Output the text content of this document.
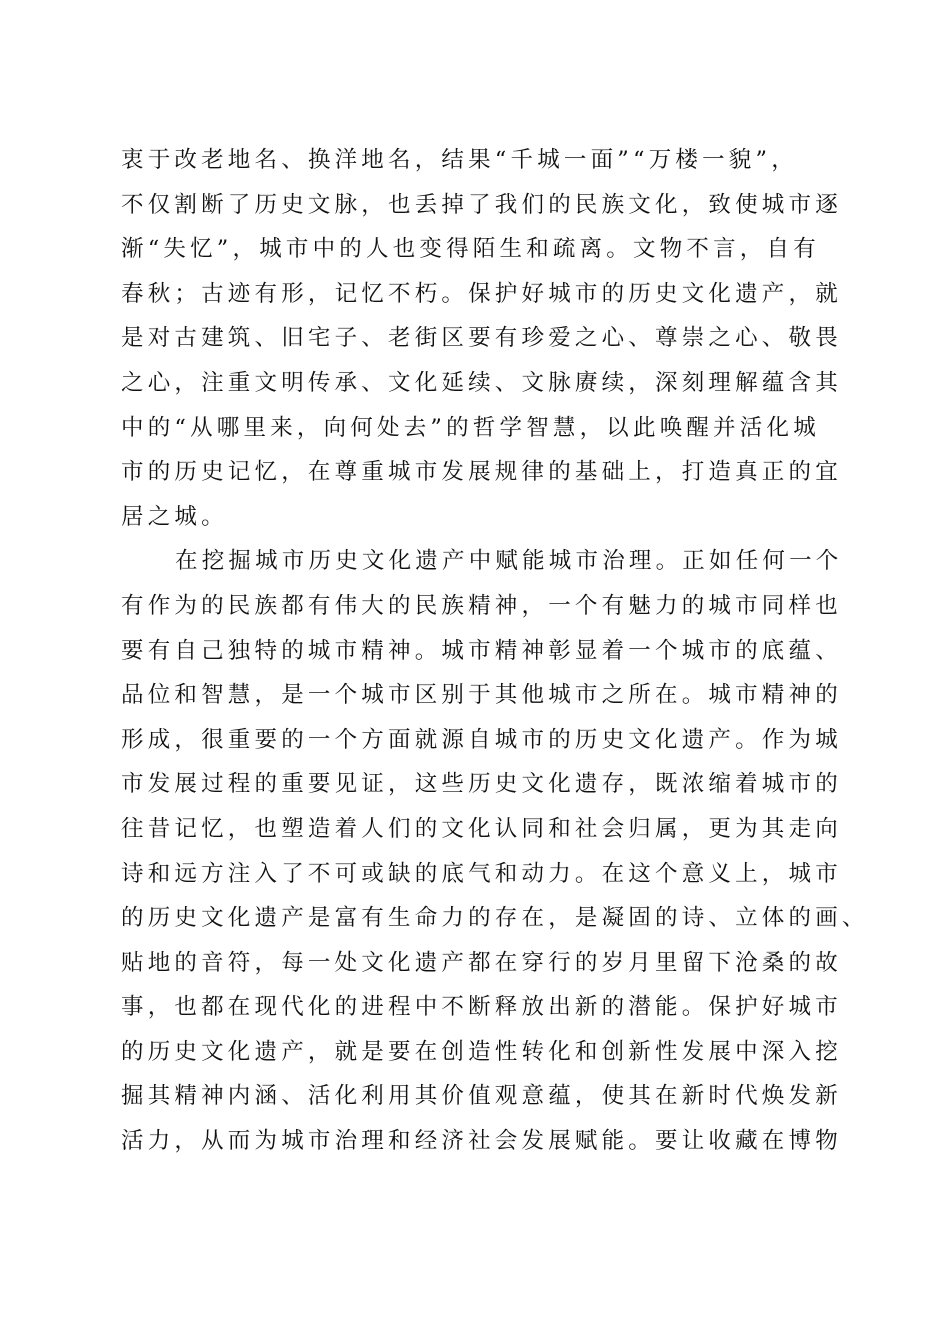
衷于改老地名、换洋地名，结果“千城一面”“万楼一貌”，
不仅割断了历史文脉，也丢掉了我们的民族文化，致使城市逐
渐“失忆”，城市中的人也变得陌生和疏离。文物不言，自有
春秋；古迹有形，记忆不朽。保护好城市的历史文化遗产，就
是对古建筑、旧宅子、老街区要有珍爱之心、尊崇之心、敬畏
之心，注重文明传承、文化延续、文脉赓续，深刻理解蕴含其
中的“从哪里来，向何处去”的哲学智慧，以此唤醒并活化城
市的历史记忆，在尊重城市发展规律的基础上，打造真正的宜
居之城。
在挖掘城市历史文化遗产中赋能城市治理。正如任何一个
有作为的民族都有伟大的民族精神，一个有魅力的城市同样也
要有自己独特的城市精神。城市精神彰显着一个城市的底蕴、
品位和智慧，是一个城市区别于其他城市之所在。城市精神的
形成，很重要的一个方面就源自城市的历史文化遗产。作为城
市发展过程的重要见证，这些历史文化遗存，既浓缩着城市的
往昔记忆，也塑造着人们的文化认同和社会归属，更为其走向
诗和远方注入了不可或缺的底气和动力。在这个意义上，城市
的历史文化遗产是富有生命力的存在，是凝固的诗、立体的画、
贴地的音符，每一处文化遗产都在穿行的岁月里留下沧桑的故
事，也都在现代化的进程中不断释放出新的潜能。保护好城市
的历史文化遗产，就是要在创造性转化和创新性发展中深入挖
掘其精神内涵、活化利用其价值观意蕴，使其在新时代焕发新
活力，从而为城市治理和经济社会发展赋能。要让收藏在博物
